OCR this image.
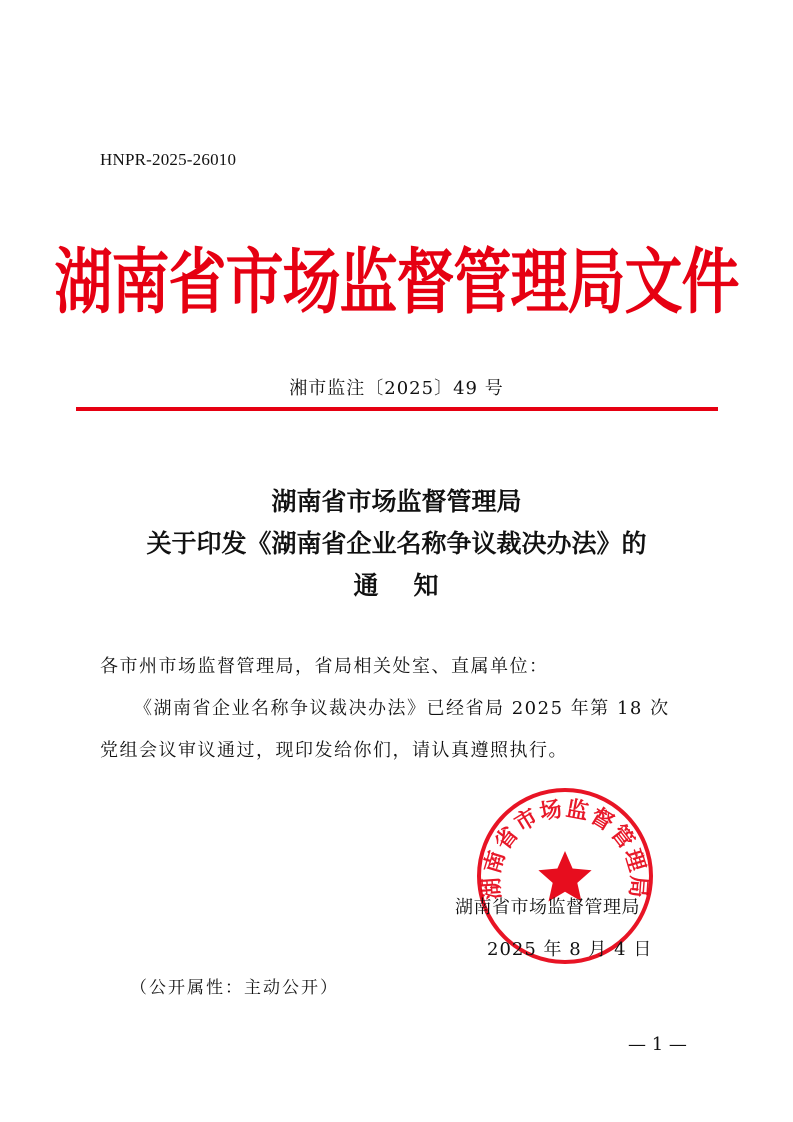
HNPR-2025-26010
湖南省市场监督管理局文件
湘市监注〔2025〕49 号
湖南省市场监督管理局
关于印发《湖南省企业名称争议裁决办法》的
通 知
各市州市场监督管理局，省局相关处室、直属单位：
《湖南省企业名称争议裁决办法》已经省局 2025 年第 18 次
党组会议审议通过，现印发给你们，请认真遵照执行。
湖南省市场监督管理局
湖南省市场监督管理局
2025 年 8 月 4 日
（公开属性：主动公开）
— 1 —
